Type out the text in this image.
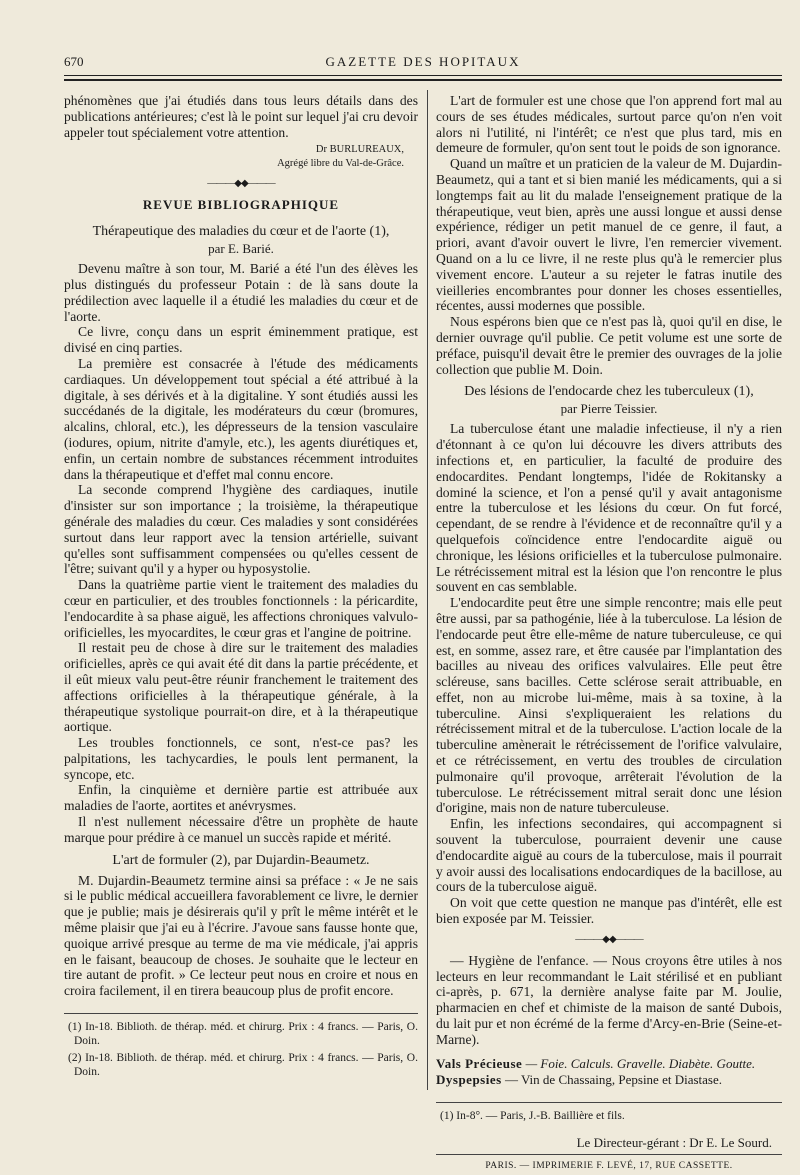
670	GAZETTE DES HOPITAUX

phénomènes que j'ai étudiés dans tous leurs détails dans des publications antérieures; c'est là le point sur lequel j'ai cru devoir appeler tout spécialement votre attention.

Dr BURLUREAUX,
Agrégé libre du Val-de-Grâce.
———◆◆———
REVUE BIBLIOGRAPHIQUE
Thérapeutique des maladies du cœur et de l'aorte (1),
par E. Barié.

Devenu maître à son tour, M. Barié a été l'un des élèves les plus distingués du professeur Potain : de là sans doute la prédilection avec laquelle il a étudié les maladies du cœur et de l'aorte.

Ce livre, conçu dans un esprit éminemment pratique, est divisé en cinq parties.

La première est consacrée à l'étude des médicaments cardiaques. Un développement tout spécial a été attribué à la digitale, à ses dérivés et à la digitaline. Y sont étudiés aussi les succédanés de la digitale, les modérateurs du cœur (bromures, alcalins, chloral, etc.), les dépresseurs de la tension vasculaire (iodures, opium, nitrite d'amyle, etc.), les agents diurétiques et, enfin, un certain nombre de substances récemment introduites dans la thérapeutique et d'effet mal connu encore.

La seconde comprend l'hygiène des cardiaques, inutile d'insister sur son importance ; la troisième, la thérapeutique générale des maladies du cœur. Ces maladies y sont considérées surtout dans leur rapport avec la tension artérielle, suivant qu'elles sont suffisamment compensées ou qu'elles cessent de l'être; suivant qu'il y a hyper ou hyposystolie.

Dans la quatrième partie vient le traitement des maladies du cœur en particulier, et des troubles fonctionnels : la péricardite, l'endocardite à sa phase aiguë, les affections chroniques valvulo-orificielles, les myocardites, le cœur gras et l'angine de poitrine.

Il restait peu de chose à dire sur le traitement des maladies orificielles, après ce qui avait été dit dans la partie précédente, et il eût mieux valu peut-être réunir franchement le traitement des affections orificielles à la thérapeutique générale, à la thérapeutique systolique pourrait-on dire, et à la thérapeutique aortique.

Les troubles fonctionnels, ce sont, n'est-ce pas? les palpitations, les tachycardies, le pouls lent permanent, la syncope, etc.

Enfin, la cinquième et dernière partie est attribuée aux maladies de l'aorte, aortites et anévrysmes.

Il n'est nullement nécessaire d'être un prophète de haute marque pour prédire à ce manuel un succès rapide et mérité.

L'art de formuler (2), par Dujardin-Beaumetz.

M. Dujardin-Beaumetz termine ainsi sa préface : « Je ne sais si le public médical accueillera favorablement ce livre, le dernier que je publie; mais je désirerais qu'il y prît le même intérêt et le même plaisir que j'ai eu à l'écrire. J'avoue sans fausse honte que, quoique arrivé presque au terme de ma vie médicale, j'ai appris en le faisant, beaucoup de choses. Je souhaite que le lecteur en tire autant de profit. » Ce lecteur peut nous en croire et nous en croira facilement, il en tirera beaucoup plus de profit encore.

(1) In-18. Biblioth. de thérap. méd. et chirurg. Prix : 4 francs. — Paris, O. Doin.

(2) In-18. Biblioth. de thérap. méd. et chirurg. Prix : 4 francs. — Paris, O. Doin.

L'art de formuler est une chose que l'on apprend fort mal au cours de ses études médicales, surtout parce qu'on n'en voit alors ni l'utilité, ni l'intérêt; ce n'est que plus tard, mis en demeure de formuler, qu'on sent tout le poids de son ignorance.

Quand un maître et un praticien de la valeur de M. Dujardin-Beaumetz, qui a tant et si bien manié les médicaments, qui a si longtemps fait au lit du malade l'enseignement pratique de la thérapeutique, veut bien, après une aussi longue et aussi dense expérience, rédiger un petit manuel de ce genre, il faut, a priori, avant d'avoir ouvert le livre, l'en remercier vivement. Quand on a lu ce livre, il ne reste plus qu'à le remercier plus vivement encore. L'auteur a su rejeter le fatras inutile des vieilleries encombrantes pour donner les choses essentielles, récentes, aussi modernes que possible.

Nous espérons bien que ce n'est pas là, quoi qu'il en dise, le dernier ouvrage qu'il publie. Ce petit volume est une sorte de préface, puisqu'il devait être le premier des ouvrages de la jolie collection que publie M. Doin.

Des lésions de l'endocarde chez les tuberculeux (1),
par Pierre Teissier.

La tuberculose étant une maladie infectieuse, il n'y a rien d'étonnant à ce qu'on lui découvre les divers attributs des infections et, en particulier, la faculté de produire des endocardites. Pendant longtemps, l'idée de Rokitansky a dominé la science, et l'on a pensé qu'il y avait antagonisme entre la tuberculose et les lésions du cœur. On fut forcé, cependant, de se rendre à l'évidence et de reconnaître qu'il y a quelquefois coïncidence entre l'endocardite aiguë ou chronique, les lésions orificielles et la tuberculose pulmonaire. Le rétrécissement mitral est la lésion que l'on rencontre le plus souvent en cas semblable.

L'endocardite peut être une simple rencontre; mais elle peut être aussi, par sa pathogénie, liée à la tuberculose. La lésion de l'endocarde peut être elle-même de nature tuberculeuse, ce qui est, en somme, assez rare, et être causée par l'implantation des bacilles au niveau des orifices valvulaires. Elle peut être scléreuse, sans bacilles. Cette sclérose serait attribuable, en effet, non au microbe lui-même, mais à sa toxine, à la tuberculine. Ainsi s'expliqueraient les relations du rétrécissement mitral et de la tuberculose. L'action locale de la tuberculine amènerait le rétrécissement de l'orifice valvulaire, et ce rétrécissement, en vertu des troubles de circulation pulmonaire qu'il provoque, arrêterait l'évolution de la tuberculose. Le rétrécissement mitral serait donc une lésion d'origine, mais non de nature tuberculeuse.

Enfin, les infections secondaires, qui accompagnent si souvent la tuberculose, pourraient devenir une cause d'endocardite aiguë au cours de la tuberculose, mais il pourrait y avoir aussi des localisations endocardiques de la bacillose, au cours de la tuberculose aiguë.

On voit que cette question ne manque pas d'intérêt, elle est bien exposée par M. Teissier.

———◆◆———

— Hygiène de l'enfance. — Nous croyons être utiles à nos lecteurs en leur recommandant le Lait stérilisé et en publiant ci-après, p. 671, la dernière analyse faite par M. Joulie, pharmacien en chef et chimiste de la maison de santé Dubois, du lait pur et non écrémé de la ferme d'Arcy-en-Brie (Seine-et-Marne).

Vals Précieuse — Foie. Calculs. Gravelle. Diabète. Goutte.

Dyspepsies — Vin de Chassaing, Pepsine et Diastase.

(1) In-8°. — Paris, J.-B. Baillière et fils.

Le Directeur-gérant : Dr E. Le Sourd.
PARIS. — IMPRIMERIE F. LEVÉ, 17, RUE CASSETTE.
